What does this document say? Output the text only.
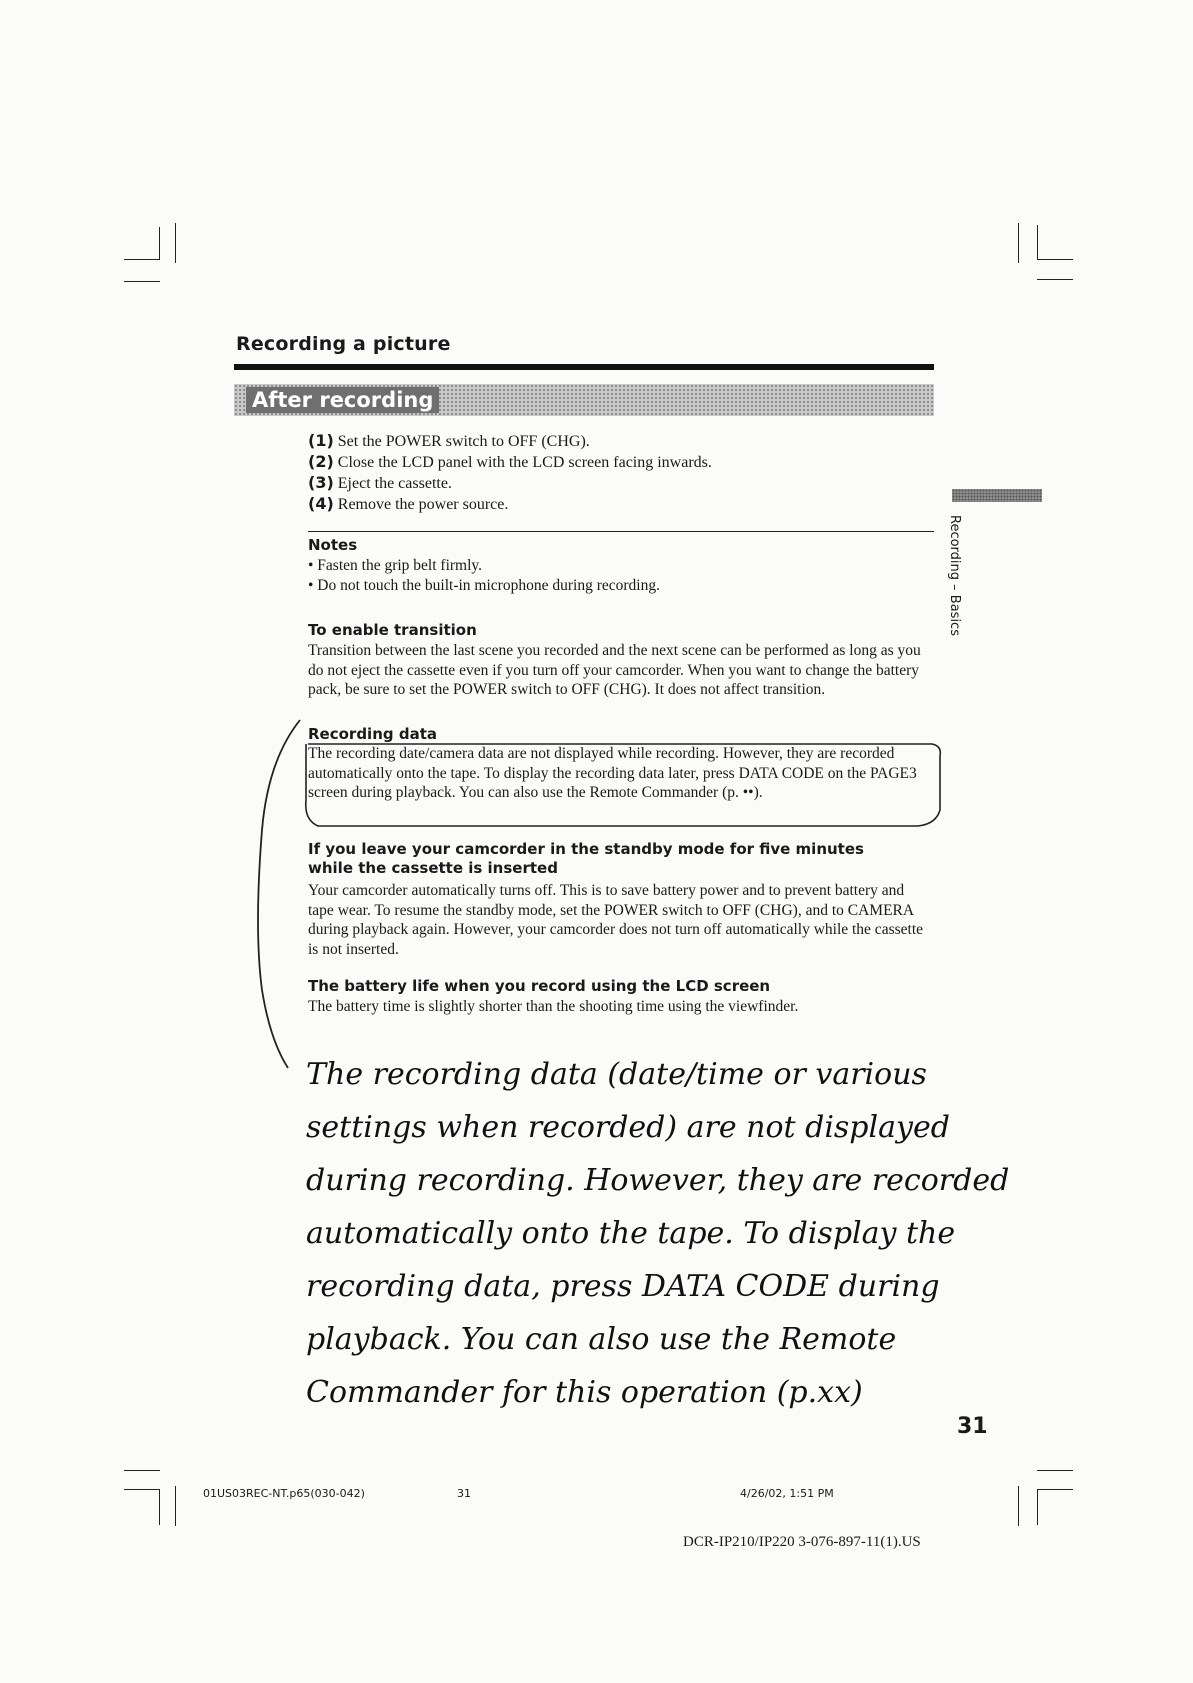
Recording a picture
After recording
Recording – Basics
(1) Set the POWER switch to OFF (CHG).
(2) Close the LCD panel with the LCD screen facing inwards.
(3) Eject the cassette.
(4) Remove the power source.
Notes
• Fasten the grip belt firmly.
• Do not touch the built-in microphone during recording.
To enable transition
Transition between the last scene you recorded and the next scene can be performed as long as you do not eject the cassette even if you turn off your camcorder. When you want to change the battery pack, be sure to set the POWER switch to OFF (CHG). It does not affect transition.
Recording data
The recording date/camera data are not displayed while recording. However, they are recorded automatically onto the tape. To display the recording data later, press DATA CODE on the PAGE3 screen during playback. You can also use the Remote Commander (p. ••).
If you leave your camcorder in the standby mode for five minutes while the cassette is inserted
Your camcorder automatically turns off. This is to save battery power and to prevent battery and tape wear. To resume the standby mode, set the POWER switch to OFF (CHG), and to CAMERA during playback again. However, your camcorder does not turn off automatically while the cassette is not inserted.
The battery life when you record using the LCD screen
The battery time is slightly shorter than the shooting time using the viewfinder.
The recording data (date/time or various settings when recorded) are not displayed during recording. However, they are recorded automatically onto the tape. To display the recording data, press DATA CODE during playback. You can also use the Remote Commander for this operation (p.xx)
31
01US03REC-NT.p65(030-042)	31	4/26/02, 1:51 PM
DCR-IP210/IP220 3-076-897-11(1).US
